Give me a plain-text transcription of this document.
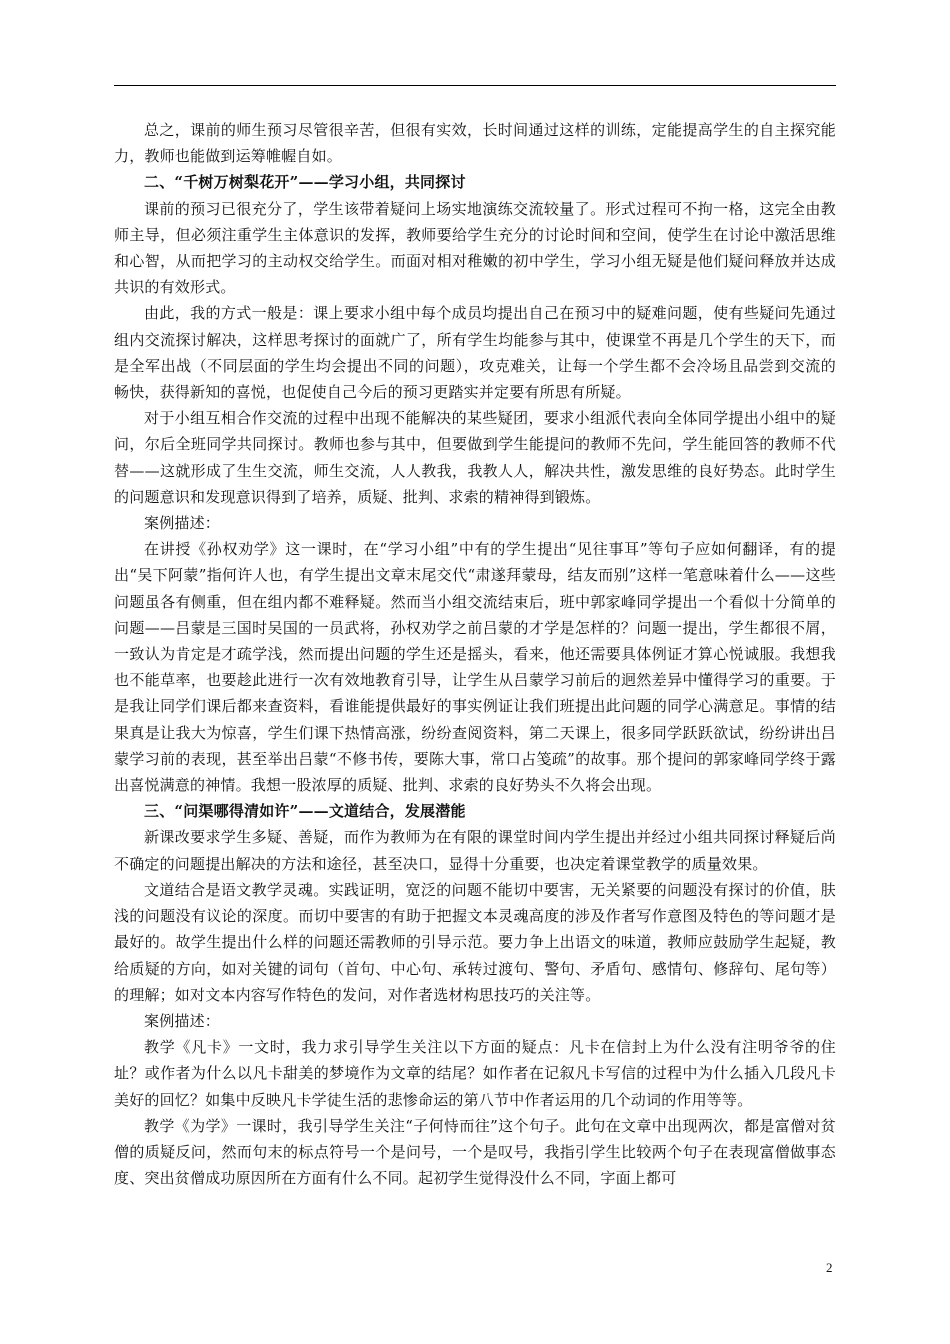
总之，课前的师生预习尽管很辛苦，但很有实效，长时间通过这样的训练，定能提高学生的自主探究能力，教师也能做到运筹帷幄自如。

二、“千树万树梨花开”——学习小组，共同探讨

课前的预习已很充分了，学生该带着疑问上场实地演练交流较量了。形式过程可不拘一格，这完全由教师主导，但必须注重学生主体意识的发挥，教师要给学生充分的讨论时间和空间，使学生在讨论中激活思维和心智，从而把学习的主动权交给学生。而面对相对稚嫩的初中学生，学习小组无疑是他们疑问释放并达成共识的有效形式。

由此，我的方式一般是：课上要求小组中每个成员均提出自己在预习中的疑难问题，使有些疑问先通过组内交流探讨解决，这样思考探讨的面就广了，所有学生均能参与其中，使课堂不再是几个学生的天下，而是全军出战（不同层面的学生均会提出不同的问题），攻克难关，让每一个学生都不会冷场且品尝到交流的畅快，获得新知的喜悦，也促使自己今后的预习更踏实并定要有所思有所疑。

对于小组互相合作交流的过程中出现不能解决的某些疑团，要求小组派代表向全体同学提出小组中的疑问，尔后全班同学共同探讨。教师也参与其中，但要做到学生能提问的教师不先问，学生能回答的教师不代替——这就形成了生生交流，师生交流，人人教我，我教人人，解决共性，激发思维的良好势态。此时学生的问题意识和发现意识得到了培养，质疑、批判、求索的精神得到锻炼。

案例描述：

在讲授《孙权劝学》这一课时，在“学习小组”中有的学生提出“见往事耳”等句子应如何翻译，有的提出“吴下阿蒙”指何许人也，有学生提出文章末尾交代“肃遂拜蒙母，结友而别”这样一笔意味着什么——这些问题虽各有侧重，但在组内都不难释疑。然而当小组交流结束后，班中郭家峰同学提出一个看似十分简单的问题——吕蒙是三国时吴国的一员武将，孙权劝学之前吕蒙的才学是怎样的？问题一提出，学生都很不屑，一致认为肯定是才疏学浅，然而提出问题的学生还是摇头，看来，他还需要具体例证才算心悦诚服。我想我也不能草率，也要趁此进行一次有效地教育引导，让学生从吕蒙学习前后的迥然差异中懂得学习的重要。于是我让同学们课后都来查资料，看谁能提供最好的事实例证让我们班提出此问题的同学心满意足。事情的结果真是让我大为惊喜，学生们课下热情高涨，纷纷查阅资料，第二天课上，很多同学跃跃欲试，纷纷讲出吕蒙学习前的表现，甚至举出吕蒙“不修书传，要陈大事，常口占笺疏”的故事。那个提问的郭家峰同学终于露出喜悦满意的神情。我想一股浓厚的质疑、批判、求索的良好势头不久将会出现。

三、“问渠哪得清如许”——文道结合，发展潜能

新课改要求学生多疑、善疑，而作为教师为在有限的课堂时间内学生提出并经过小组共同探讨释疑后尚不确定的问题提出解决的方法和途径，甚至决口，显得十分重要，也决定着课堂教学的质量效果。

文道结合是语文教学灵魂。实践证明，宽泛的问题不能切中要害，无关紧要的问题没有探讨的价值，肤浅的问题没有议论的深度。而切中要害的有助于把握文本灵魂高度的涉及作者写作意图及特色的等问题才是最好的。故学生提出什么样的问题还需教师的引导示范。要力争上出语文的味道，教师应鼓励学生起疑，教给质疑的方向，如对关键的词句（首句、中心句、承转过渡句、警句、矛盾句、感情句、修辞句、尾句等）的理解；如对文本内容写作特色的发问，对作者选材构思技巧的关注等。

案例描述：

教学《凡卡》一文时，我力求引导学生关注以下方面的疑点：凡卡在信封上为什么没有注明爷爷的住址？或作者为什么以凡卡甜美的梦境作为文章的结尾？如作者在记叙凡卡写信的过程中为什么插入几段凡卡美好的回忆？如集中反映凡卡学徒生活的悲惨命运的第八节中作者运用的几个动词的作用等等。

教学《为学》一课时，我引导学生关注“子何恃而往”这个句子。此句在文章中出现两次，都是富僧对贫僧的质疑反问，然而句末的标点符号一个是问号，一个是叹号，我指引学生比较两个句子在表现富僧做事态度、突出贫僧成功原因所在方面有什么不同。起初学生觉得没什么不同，字面上都可

2
